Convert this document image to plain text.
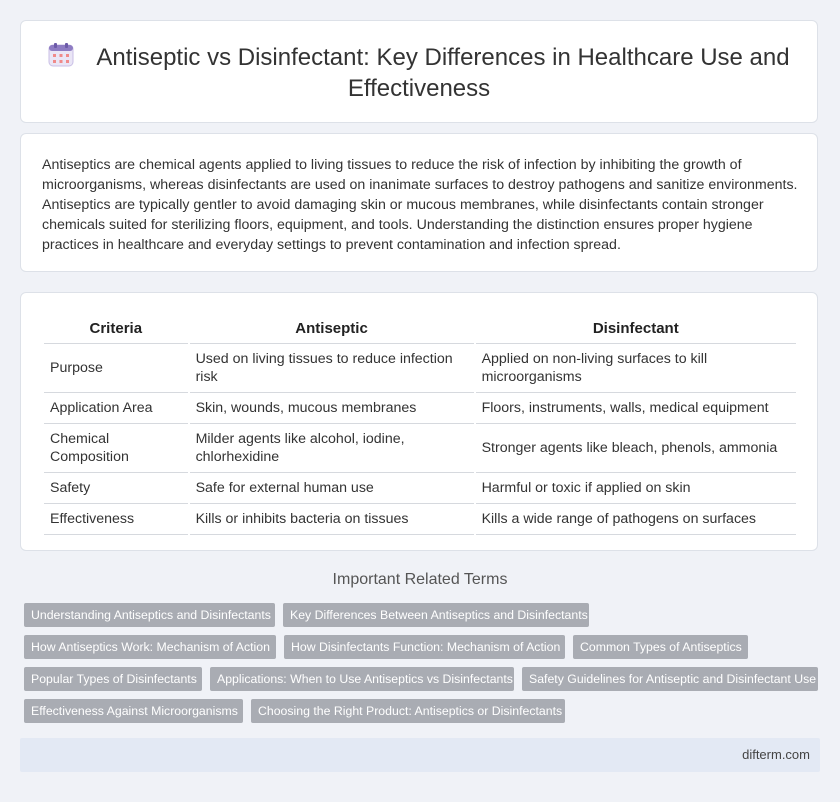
Antiseptic vs Disinfectant: Key Differences in Healthcare Use and Effectiveness

Antiseptics are chemical agents applied to living tissues to reduce the risk of infection by inhibiting the growth of microorganisms, whereas disinfectants are used on inanimate surfaces to destroy pathogens and sanitize environments. Antiseptics are typically gentler to avoid damaging skin or mucous membranes, while disinfectants contain stronger chemicals suited for sterilizing floors, equipment, and tools. Understanding the distinction ensures proper hygiene practices in healthcare and everyday settings to prevent contamination and infection spread.

Criteria	Antiseptic	Disinfectant
Purpose	Used on living tissues to reduce infection risk	Applied on non-living surfaces to kill microorganisms
Application Area	Skin, wounds, mucous membranes	Floors, instruments, walls, medical equipment
Chemical Composition	Milder agents like alcohol, iodine, chlorhexidine	Stronger agents like bleach, phenols, ammonia
Safety	Safe for external human use	Harmful or toxic if applied on skin
Effectiveness	Kills or inhibits bacteria on tissues	Kills a wide range of pathogens on surfaces
Important Related Terms
Understanding Antiseptics and Disinfectants	Key Differences Between Antiseptics and Disinfectants
How Antiseptics Work: Mechanism of Action	How Disinfectants Function: Mechanism of Action	Common Types of Antiseptics
Popular Types of Disinfectants	Applications: When to Use Antiseptics vs Disinfectants	Safety Guidelines for Antiseptic and Disinfectant Use
Effectiveness Against Microorganisms	Choosing the Right Product: Antiseptics or Disinfectants
difterm.com
